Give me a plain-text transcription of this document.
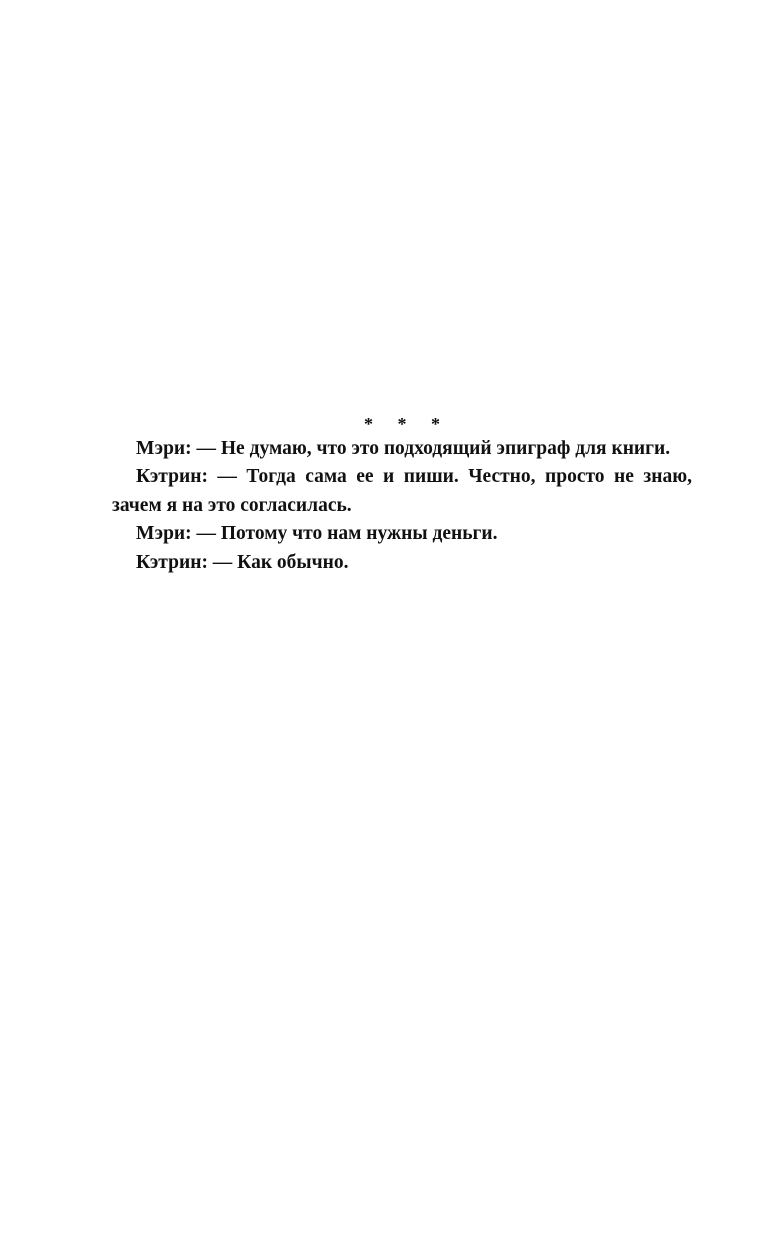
* * *

Мэри: — Не думаю, что это подходящий эпиграф для книги.

Кэтрин: — Тогда сама ее и пиши. Честно, просто не знаю, зачем я на это согласилась.

Мэри: — Потому что нам нужны деньги.

Кэтрин: — Как обычно.
